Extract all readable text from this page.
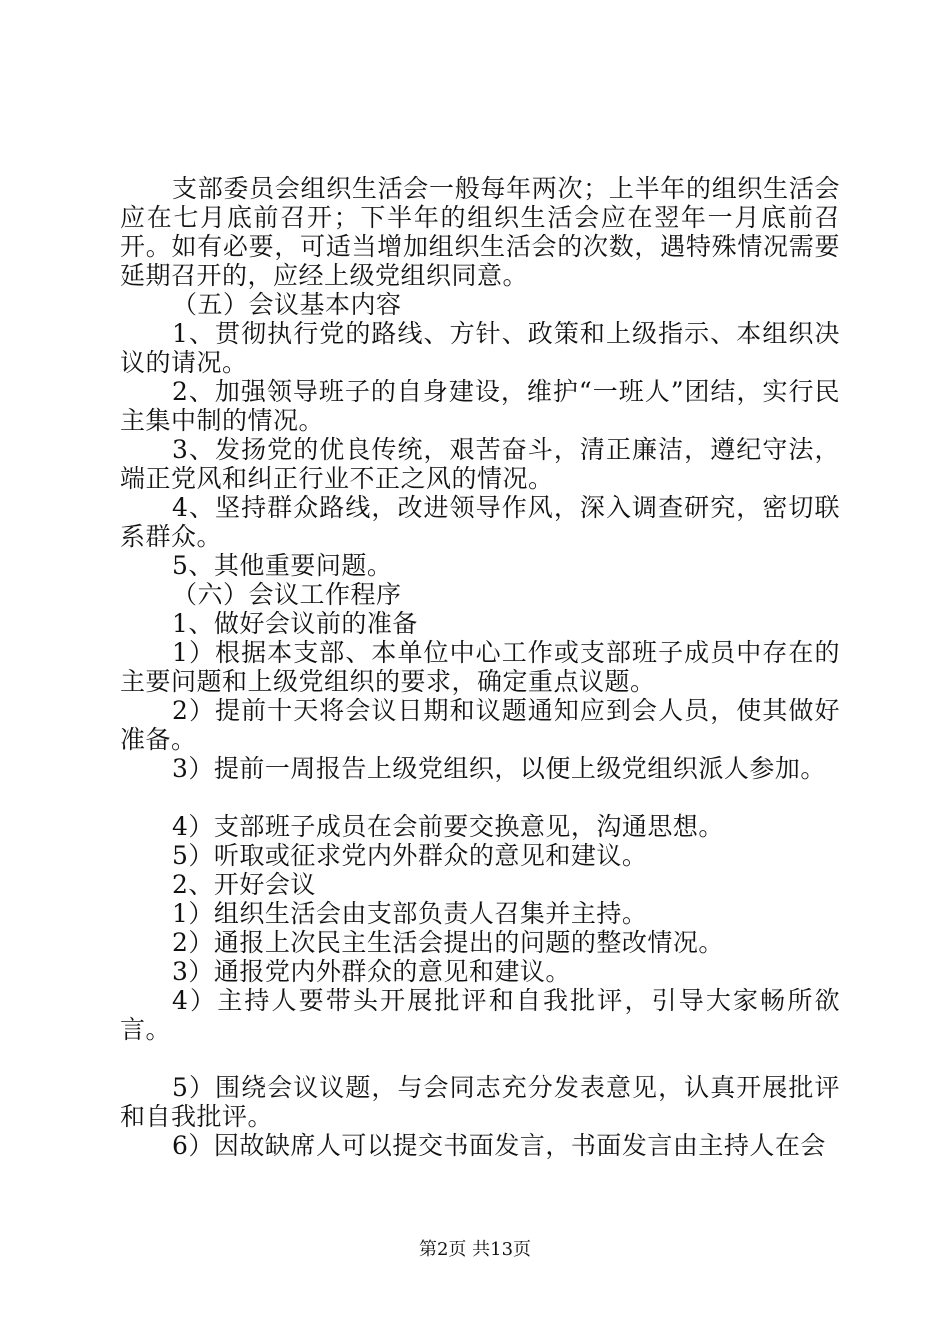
支部委员会组织生活会一般每年两次；上半年的组织生活会应在七月底前召开；下半年的组织生活会应在翌年一月底前召开。如有必要，可适当增加组织生活会的次数，遇特殊情况需要延期召开的，应经上级党组织同意。

（五）会议基本内容

1、贯彻执行党的路线、方针、政策和上级指示、本组织决议的请况。

2、加强领导班子的自身建设，维护“一班人”团结，实行民主集中制的情况。

3、发扬党的优良传统，艰苦奋斗，清正廉洁，遵纪守法，端正党风和纠正行业不正之风的情况。

4、坚持群众路线，改进领导作风，深入调查研究，密切联系群众。

5、其他重要问题。

（六）会议工作程序

1、做好会议前的准备

1）根据本支部、本单位中心工作或支部班子成员中存在的主要问题和上级党组织的要求，确定重点议题。

2）提前十天将会议日期和议题通知应到会人员，使其做好准备。

3）提前一周报告上级党组织，以便上级党组织派人参加。

4）支部班子成员在会前要交换意见，沟通思想。

5）听取或征求党内外群众的意见和建议。

2、开好会议

1）组织生活会由支部负责人召集并主持。

2）通报上次民主生活会提出的问题的整改情况。

3）通报党内外群众的意见和建议。

4）主持人要带头开展批评和自我批评，引导大家畅所欲言。

5）围绕会议议题，与会同志充分发表意见，认真开展批评和自我批评。

6）因故缺席人可以提交书面发言，书面发言由主持人在会

第2页 共13页
